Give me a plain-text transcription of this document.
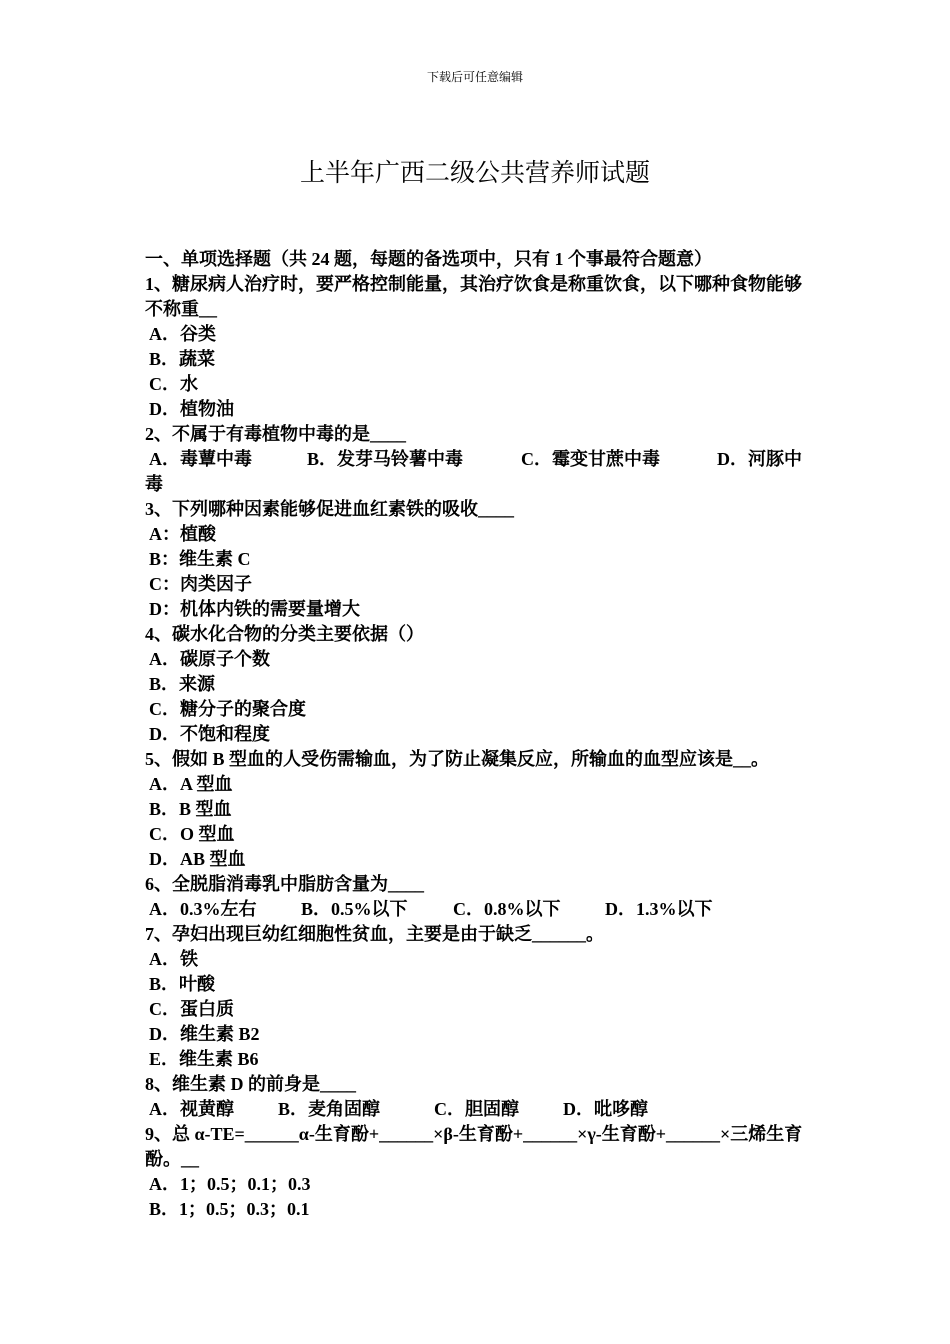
下载后可任意编辑
上半年广西二级公共营养师试题
一、单项选择题（共 24 题，每题的备选项中，只有 1 个事最符合题意）
1、糖尿病人治疗时，要严格控制能量，其治疗饮食是称重饮食，以下哪种食物能够不称重__
A．谷类
B．蔬菜
C．水
D．植物油
2、不属于有毒植物中毒的是____
A．毒蕈中毒	B．发芽马铃薯中毒	C．霉变甘蔗中毒	D．河豚中
毒
3、下列哪种因素能够促进血红素铁的吸收____
A：植酸
B：维生素 C
C：肉类因子
D：机体内铁的需要量增大
4、碳水化合物的分类主要依据（）
A．碳原子个数
B．来源
C．糖分子的聚合度
D．不饱和程度
5、假如 B 型血的人受伤需输血，为了防止凝集反应，所输血的血型应该是__。
A．A 型血
B．B 型血
C．O 型血
D．AB 型血
6、全脱脂消毒乳中脂肪含量为____
A．0.3%左右	B．0.5%以下	C．0.8%以下	D．1.3%以下
7、孕妇出现巨幼红细胞性贫血，主要是由于缺乏______。
A．铁
B．叶酸
C．蛋白质
D．维生素 B2
E．维生素 B6
8、维生素 D 的前身是____
A．视黄醇	B．麦角固醇	C．胆固醇	D．吡哆醇
9、总 α-TE=______α-生育酚+______×β-生育酚+______×γ-生育酚+______×三烯生育酚。__
A．1；0.5；0.1；0.3
B．1；0.5；0.3；0.1
